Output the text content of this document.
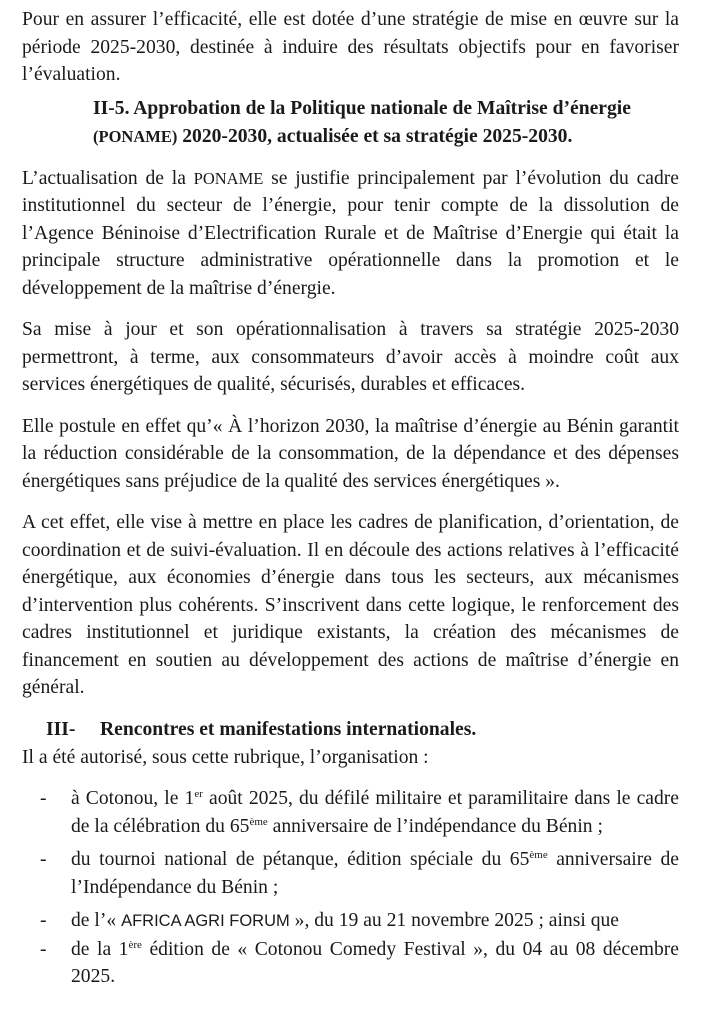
Pour en assurer l’efficacité, elle est dotée d’une stratégie de mise en œuvre sur la période 2025-2030, destinée à induire des résultats objectifs pour en favoriser l’évaluation.

II-5. Approbation de la Politique nationale de Maîtrise d’énergie
(PONAME) 2020-2030, actualisée et sa stratégie 2025-2030.

L’actualisation de la PONAME se justifie principalement par l’évolution du cadre institutionnel du secteur de l’énergie, pour tenir compte de la dissolution de l’Agence Béninoise d’Electrification Rurale et de Maîtrise d’Energie qui était la principale structure administrative opérationnelle dans la promotion et le développement de la maîtrise d’énergie.

Sa mise à jour et son opérationnalisation à travers sa stratégie 2025-2030 permettront, à terme, aux consommateurs d’avoir accès à moindre coût aux services énergétiques de qualité, sécurisés, durables et efficaces.

Elle postule en effet qu’« À l’horizon 2030, la maîtrise d’énergie au Bénin garantit la réduction considérable de la consommation, de la dépendance et des dépenses énergétiques sans préjudice de la qualité des services énergétiques ».

A cet effet, elle vise à mettre en place les cadres de planification, d’orientation, de coordination et de suivi-évaluation. Il en découle des actions relatives à l’efficacité énergétique, aux économies d’énergie dans tous les secteurs, aux mécanismes d’intervention plus cohérents. S’inscrivent dans cette logique, le renforcement des cadres institutionnel et juridique existants, la création des mécanismes de financement en soutien au développement des actions de maîtrise d’énergie en général.

III-	Rencontres et manifestations internationales.

Il a été autorisé, sous cette rubrique, l’organisation :

-	à Cotonou, le 1er août 2025, du défilé militaire et paramilitaire dans le cadre de la célébration du 65ème anniversaire de l’indépendance du Bénin ;
-	du tournoi national de pétanque, édition spéciale du 65ème anniversaire de l’Indépendance du Bénin ;
-	de l’« AFRICA AGRI FORUM », du 19 au 21 novembre 2025 ; ainsi que
-	de la 1ère édition de « Cotonou Comedy Festival », du 04 au 08 décembre 2025.
